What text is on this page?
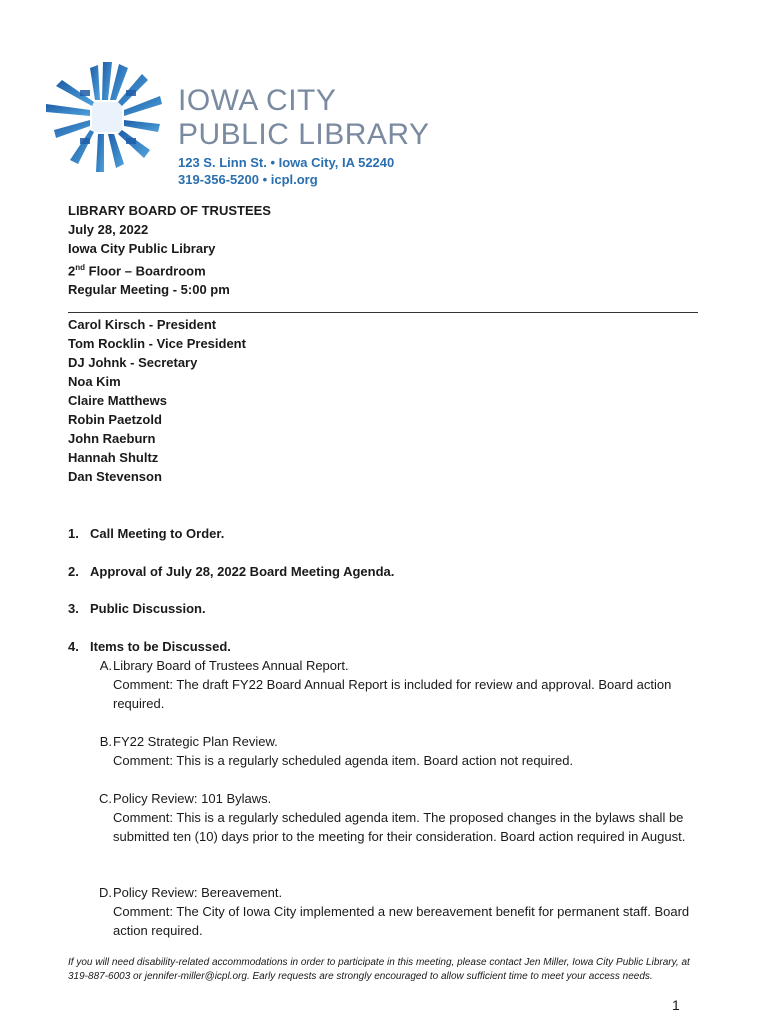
IOWA CITY
PUBLIC LIBRARY
123 S. Linn St. • Iowa City, IA 52240
319-356-5200 • icpl.org
LIBRARY BOARD OF TRUSTEES
July 28, 2022
Iowa City Public Library
2nd Floor – Boardroom
Regular Meeting - 5:00 pm
Carol Kirsch - President
Tom Rocklin - Vice President
DJ Johnk - Secretary
Noa Kim
Claire Matthews
Robin Paetzold
John Raeburn
Hannah Shultz
Dan Stevenson
1. Call Meeting to Order.
2. Approval of July 28, 2022 Board Meeting Agenda.
3. Public Discussion.
4. Items to be Discussed.
A. Library Board of Trustees Annual Report.
Comment: The draft FY22 Board Annual Report is included for review and approval. Board action required.
B. FY22 Strategic Plan Review.
Comment: This is a regularly scheduled agenda item. Board action not required.
C. Policy Review: 101 Bylaws.
Comment: This is a regularly scheduled agenda item. The proposed changes in the bylaws shall be submitted ten (10) days prior to the meeting for their consideration. Board action required in August.
D. Policy Review: Bereavement.
Comment: The City of Iowa City implemented a new bereavement benefit for permanent staff. Board action required.
If you will need disability-related accommodations in order to participate in this meeting, please contact Jen Miller, Iowa City Public Library, at 319-887-6003 or jennifer-miller@icpl.org. Early requests are strongly encouraged to allow sufficient time to meet your access needs.
1
